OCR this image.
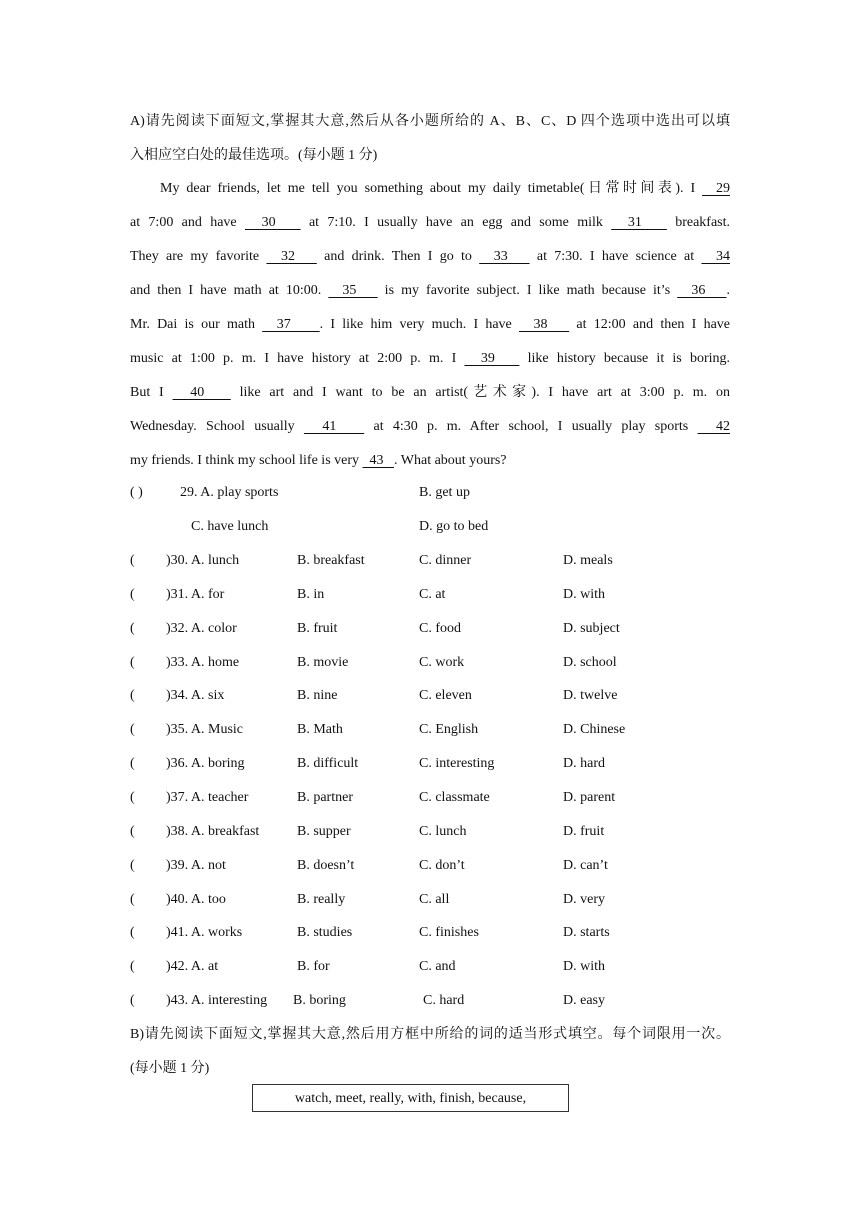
A)请先阅读下面短文,掌握其大意,然后从各小题所给的 A、B、C、D 四个选项中选出可以填
入相应空白处的最佳选项。(每小题 1 分)
My dear friends, let me tell you something about my daily timetable(日常时间表). I   29
at 7:00 and have   30    at 7:10. I usually have an egg and some milk   31    breakfast.
They are my favorite   32    and drink. Then I go to   33    at 7:30. I have science at   34
and then I have math at 10:00.   35    is my favorite subject. I like math because it’s   36   .
Mr. Dai is our math   37    . I like him very much. I have   38    at 12:00 and then I have
music at 1:00 p. m. I have history at 2:00 p. m. I   39    like history because it is boring.
But I   40    like art and I want to be an artist(艺术家). I have art at 3:00 p. m. on
Wednesday. School usually   41    at 4:30 p. m. After school, I usually play sports   42
my friends. I think my school life is very   43   . What about yours?
( )	29. A. play sports	B. get up
C. have lunch	D. go to bed
( )30. A. lunch	B. breakfast	C. dinner	D. meals
( )31. A. for	B. in	C. at	D. with
( )32. A. color	B. fruit	C. food	D. subject
( )33. A. home	B. movie	C. work	D. school
( )34. A. six	B. nine	C. eleven	D. twelve
( )35. A. Music	B. Math	C. English	D. Chinese
( )36. A. boring	B. difficult	C. interesting	D. hard
( )37. A. teacher	B. partner	C. classmate	D. parent
( )38. A. breakfast	B. supper	C. lunch	D. fruit
( )39. A. not	B. doesn’t	C. don’t	D. can’t
( )40. A. too	B. really	C. all	D. very
( )41. A. works	B. studies	C. finishes	D. starts
( )42. A. at	B. for	C. and	D. with
( )43. A. interesting B. boring	C. hard	D. easy
B)请先阅读下面短文,掌握其大意,然后用方框中所给的词的适当形式填空。每个词限用一次。
(每小题 1 分)
watch, meet, really, with, finish, because,
